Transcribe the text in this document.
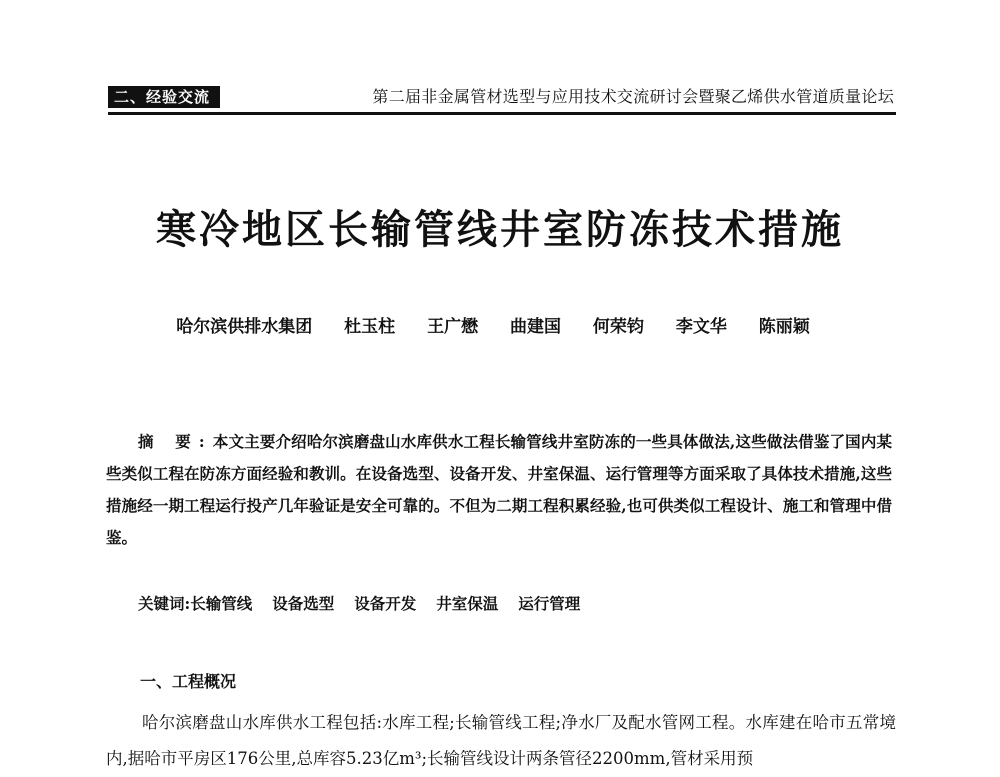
二、经验交流	第二届非金属管材选型与应用技术交流研讨会暨聚乙烯供水管道质量论坛
寒冷地区长输管线井室防冻技术措施
哈尔滨供排水集团 杜玉柱 王广懋 曲建国 何荣钧 李文华 陈丽颖
摘 要:本文主要介绍哈尔滨磨盘山水库供水工程长输管线井室防冻的一些具体做法,这些做法借鉴了国内某些类似工程在防冻方面经验和教训。在设备选型、设备开发、井室保温、运行管理等方面采取了具体技术措施,这些措施经一期工程运行投产几年验证是安全可靠的。不但为二期工程积累经验,也可供类似工程设计、施工和管理中借鉴。
关键词:长输管线 设备选型 设备开发 井室保温 运行管理
一、工程概况
哈尔滨磨盘山水库供水工程包括:水库工程;长输管线工程;净水厂及配水管网工程。水库建在哈市五常境内,据哈市平房区176公里,总库容5.23亿m³;长输管线设计两条管径2200mm,管材采用预
